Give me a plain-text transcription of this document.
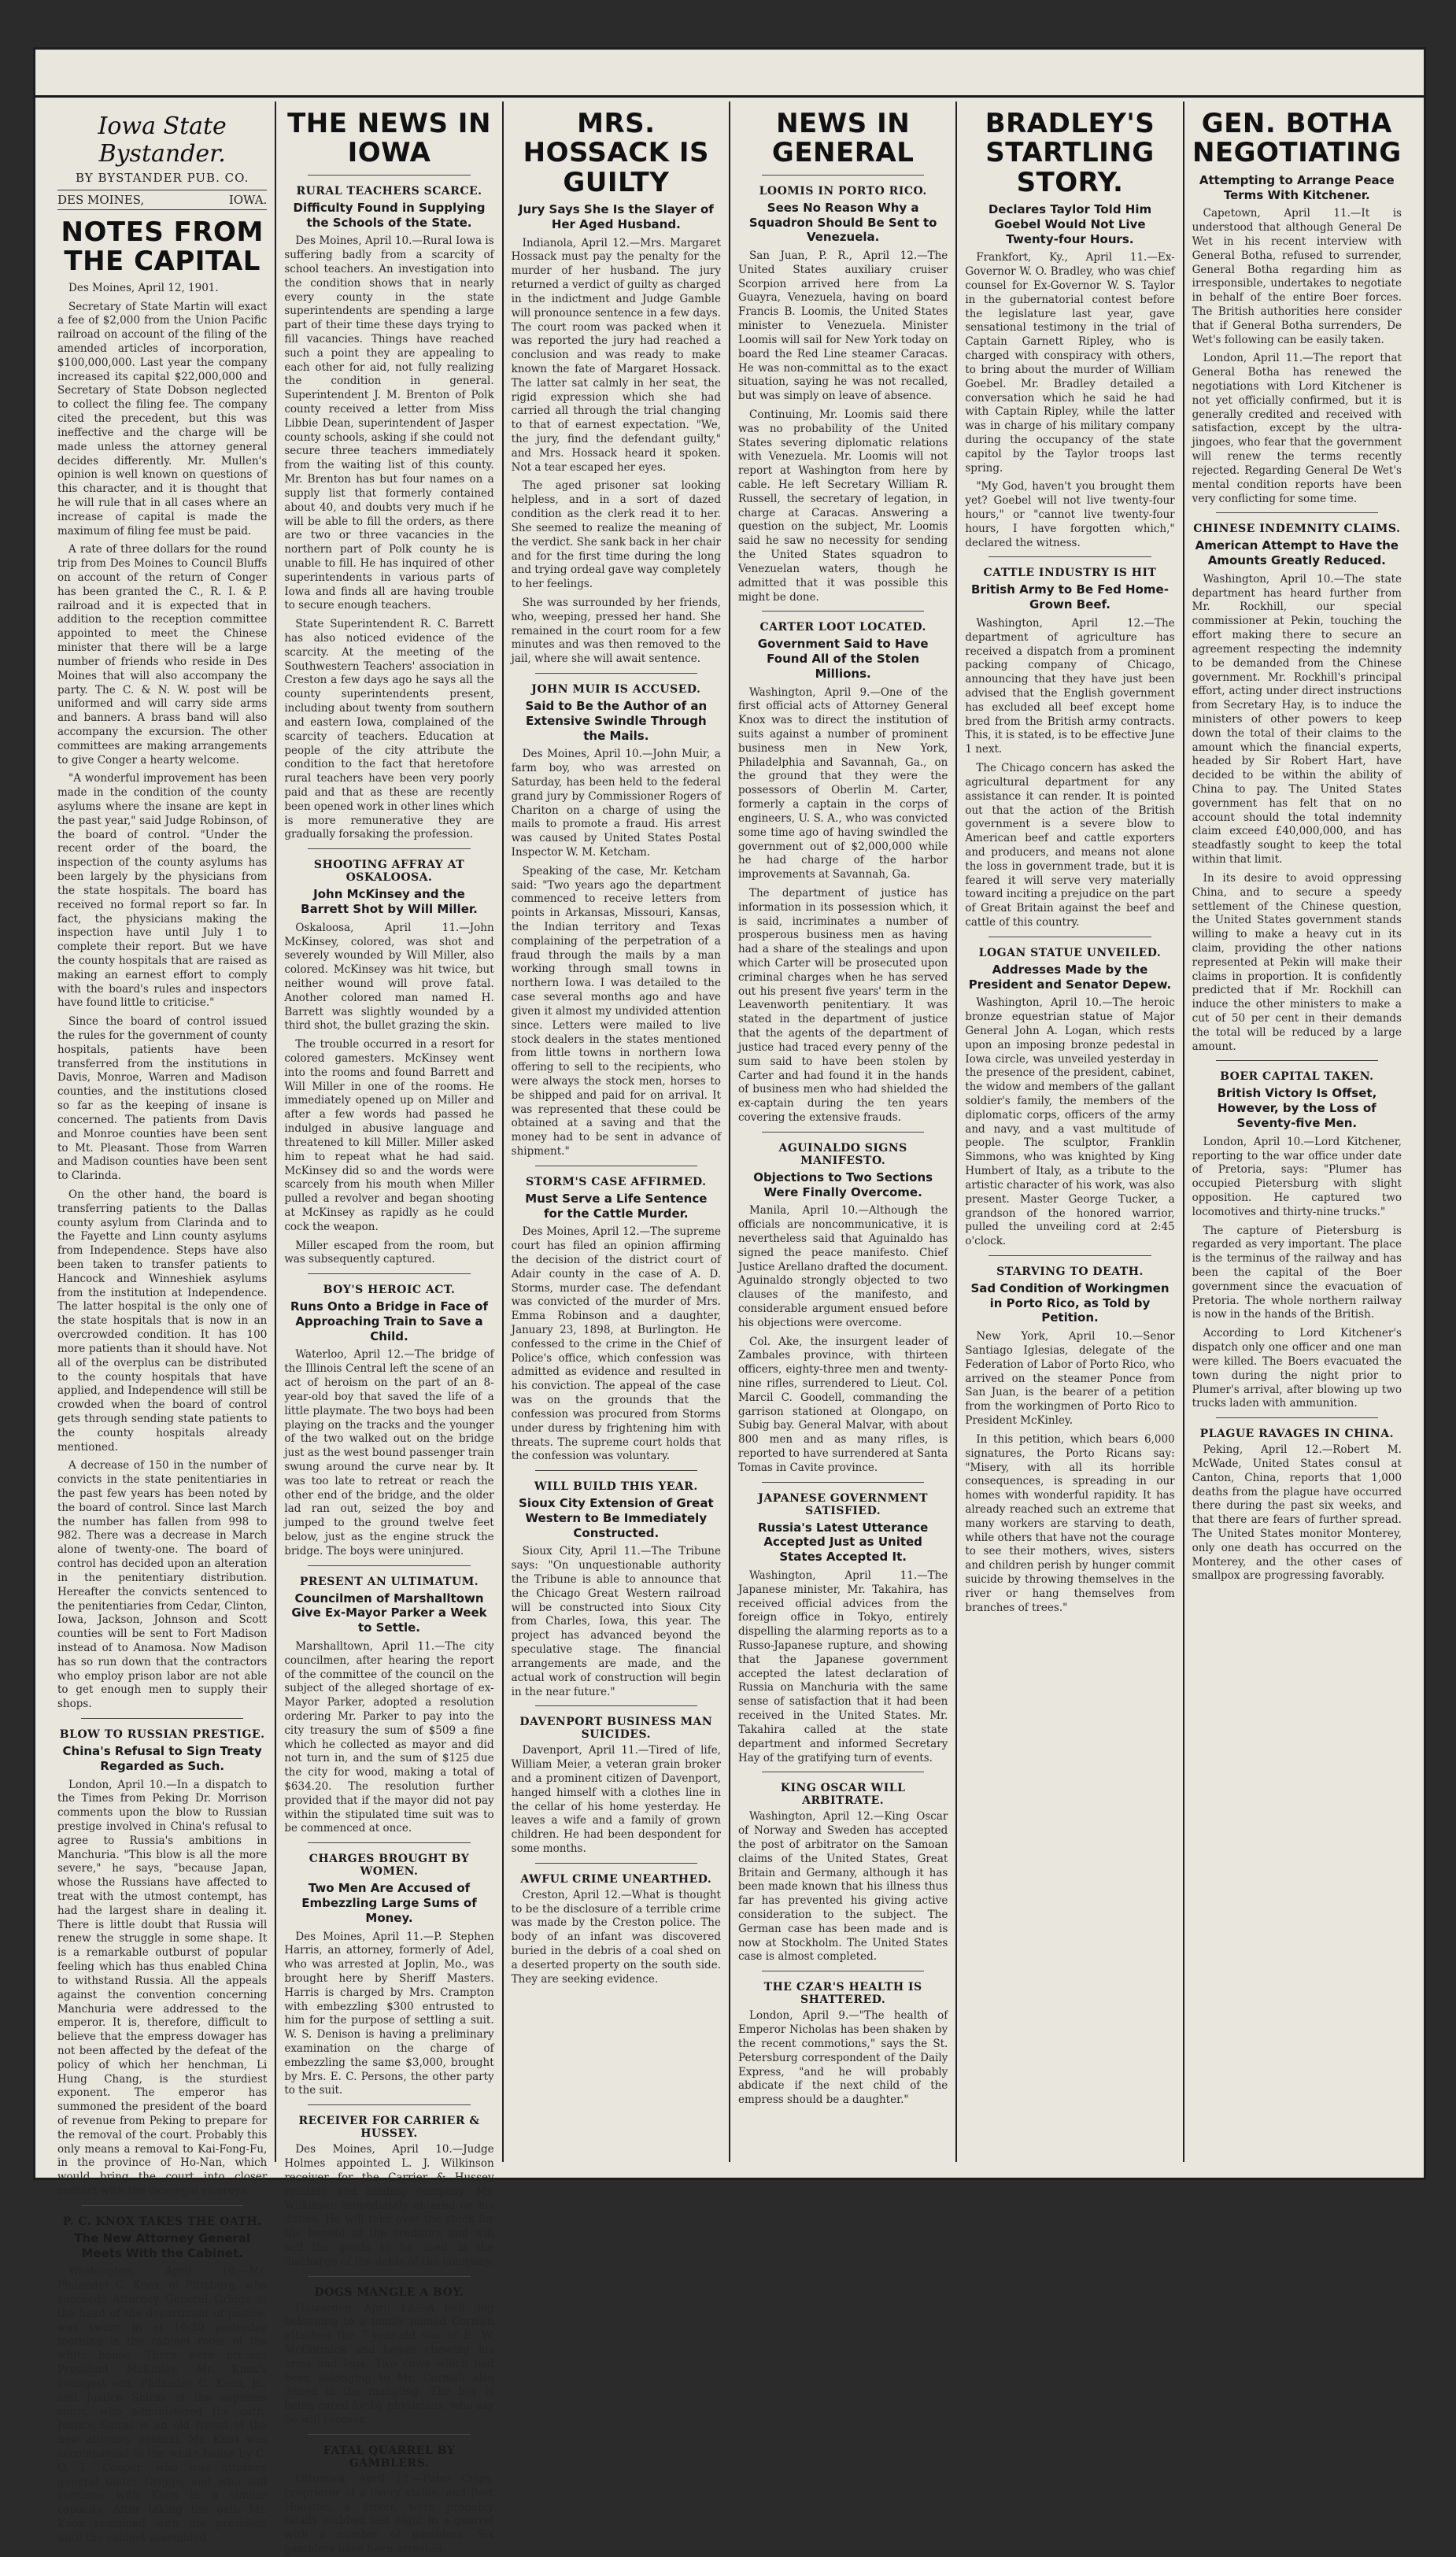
Iowa State Bystander.
BY BYSTANDER PUB. CO.
DES MOINES,	IOWA.
NOTES FROM THE CAPITAL

Des Moines, April 12, 1901.

Secretary of State Martin will exact a fee of $2,000 from the Union Pacific railroad on account of the filing of the amended articles of incorporation, $100,000,000. Last year the company increased its capital $22,000,000 and Secretary of State Dobson neglected to collect the filing fee. The company cited the precedent, but this was ineffective and the charge will be made unless the attorney general decides differently. Mr. Mullen's opinion is well known on questions of this character, and it is thought that he will rule that in all cases where an increase of capital is made the maximum of filing fee must be paid.

A rate of three dollars for the round trip from Des Moines to Council Bluffs on account of the return of Conger has been granted the C., R. I. & P. railroad and it is expected that in addition to the reception committee appointed to meet the Chinese minister that there will be a large number of friends who reside in Des Moines that will also accompany the party. The C. & N. W. post will be uniformed and will carry side arms and banners. A brass band will also accompany the excursion. The other committees are making arrangements to give Conger a hearty welcome.

"A wonderful improvement has been made in the condition of the county asylums where the insane are kept in the past year," said Judge Robinson, of the board of control. "Under the recent order of the board, the inspection of the county asylums has been largely by the physicians from the state hospitals. The board has received no formal report so far. In fact, the physicians making the inspection have until July 1 to complete their report. But we have the county hospitals that are raised as making an earnest effort to comply with the board's rules and inspectors have found little to criticise."

Since the board of control issued the rules for the government of county hospitals, patients have been transferred from the institutions in Davis, Monroe, Warren and Madison counties, and the institutions closed so far as the keeping of insane is concerned. The patients from Davis and Monroe counties have been sent to Mt. Pleasant. Those from Warren and Madison counties have been sent to Clarinda.

On the other hand, the board is transferring patients to the Dallas county asylum from Clarinda and to the Fayette and Linn county asylums from Independence. Steps have also been taken to transfer patients to Hancock and Winneshiek asylums from the institution at Independence. The latter hospital is the only one of the state hospitals that is now in an overcrowded condition. It has 100 more patients than it should have. Not all of the overplus can be distributed to the county hospitals that have applied, and Independence will still be crowded when the board of control gets through sending state patients to the county hospitals already mentioned.

A decrease of 150 in the number of convicts in the state penitentiaries in the past few years has been noted by the board of control. Since last March the number has fallen from 998 to 982. There was a decrease in March alone of twenty-one. The board of control has decided upon an alteration in the penitentiary distribution. Hereafter the convicts sentenced to the penitentiaries from Cedar, Clinton, Iowa, Jackson, Johnson and Scott counties will be sent to Fort Madison instead of to Anamosa. Now Madison has so run down that the contractors who employ prison labor are not able to get enough men to supply their shops.

BLOW TO RUSSIAN PRESTIGE.
China's Refusal to Sign Treaty Regarded as Such.

London, April 10.—In a dispatch to the Times from Peking Dr. Morrison comments upon the blow to Russian prestige involved in China's refusal to agree to Russia's ambitions in Manchuria. "This blow is all the more severe," he says, "because Japan, whose the Russians have affected to treat with the utmost contempt, has had the largest share in dealing it. There is little doubt that Russia will renew the struggle in some shape. It is a remarkable outburst of popular feeling which has thus enabled China to withstand Russia. All the appeals against the convention concerning Manchuria were addressed to the emperor. It is, therefore, difficult to believe that the empress dowager has not been affected by the defeat of the policy of which her henchman, Li Hung Chang, is the sturdiest exponent. The emperor has summoned the president of the board of revenue from Peking to prepare for the removal of the court. Probably this only means a removal to Kai-Fong-Fu, in the province of Ho-Nan, which would bring the court into closer contact with the viceregal viceroys.

P. C. KNOX TAKES THE OATH.
The New Attorney General Meets With the Cabinet.

Washington, April 10.—Mr. Philander C. Knox, of Pittsburg, who succeeds Attorney General Griggs at the head of the department of justice, was sworn in at 10:30 yesterday morning in the cabinet room of the white house. There were present President McKinley, Mr. Knox's youngest son, Philander C. Knox, Jr., and Justice Shiras of the supreme court, who administered the oath. Justice Shiras is an old friend of the new attorney general. Mr. Knox was accompanied to the white house by C. O. L. Cooper, who was attorney general under Griggs, and who will continue with Knox in a similar capacity. After taking the oath Mr. Knox remained with the president until the cabinet assembled.

THE NEWS IN IOWA
RURAL TEACHERS SCARCE.
Difficulty Found in Supplying the Schools of the State.

Des Moines, April 10.—Rural Iowa is suffering badly from a scarcity of school teachers. An investigation into the condition shows that in nearly every county in the state superintendents are spending a large part of their time these days trying to fill vacancies. Things have reached such a point they are appealing to each other for aid, not fully realizing the condition in general. Superintendent J. M. Brenton of Polk county received a letter from Miss Libbie Dean, superintendent of Jasper county schools, asking if she could not secure three teachers immediately from the waiting list of this county. Mr. Brenton has but four names on a supply list that formerly contained about 40, and doubts very much if he will be able to fill the orders, as there are two or three vacancies in the northern part of Polk county he is unable to fill. He has inquired of other superintendents in various parts of Iowa and finds all are having trouble to secure enough teachers.

State Superintendent R. C. Barrett has also noticed evidence of the scarcity. At the meeting of the Southwestern Teachers' association in Creston a few days ago he says all the county superintendents present, including about twenty from southern and eastern Iowa, complained of the scarcity of teachers. Education at people of the city attribute the condition to the fact that heretofore rural teachers have been very poorly paid and that as these are recently been opened work in other lines which is more remunerative they are gradually forsaking the profession.

SHOOTING AFFRAY AT OSKALOOSA.
John McKinsey and the Barrett Shot by Will Miller.

Oskaloosa, April 11.—John McKinsey, colored, was shot and severely wounded by Will Miller, also colored. McKinsey was hit twice, but neither wound will prove fatal. Another colored man named H. Barrett was slightly wounded by a third shot, the bullet grazing the skin.

The trouble occurred in a resort for colored gamesters. McKinsey went into the rooms and found Barrett and Will Miller in one of the rooms. He immediately opened up on Miller and after a few words had passed he indulged in abusive language and threatened to kill Miller. Miller asked him to repeat what he had said. McKinsey did so and the words were scarcely from his mouth when Miller pulled a revolver and began shooting at McKinsey as rapidly as he could cock the weapon.

Miller escaped from the room, but was subsequently captured.

BOY'S HEROIC ACT.
Runs Onto a Bridge in Face of Approaching Train to Save a Child.

Waterloo, April 12.—The bridge of the Illinois Central left the scene of an act of heroism on the part of an 8-year-old boy that saved the life of a little playmate. The two boys had been playing on the tracks and the younger of the two walked out on the bridge just as the west bound passenger train swung around the curve near by. It was too late to retreat or reach the other end of the bridge, and the older lad ran out, seized the boy and jumped to the ground twelve feet below, just as the engine struck the bridge. The boys were uninjured.

PRESENT AN ULTIMATUM.
Councilmen of Marshalltown Give Ex-Mayor Parker a Week to Settle.

Marshalltown, April 11.—The city councilmen, after hearing the report of the committee of the council on the subject of the alleged shortage of ex-Mayor Parker, adopted a resolution ordering Mr. Parker to pay into the city treasury the sum of $509 a fine which he collected as mayor and did not turn in, and the sum of $125 due the city for wood, making a total of $634.20. The resolution further provided that if the mayor did not pay within the stipulated time suit was to be commenced at once.

CHARGES BROUGHT BY WOMEN.
Two Men Are Accused of Embezzling Large Sums of Money.

Des Moines, April 11.—P. Stephen Harris, an attorney, formerly of Adel, who was arrested at Joplin, Mo., was brought here by Sheriff Masters. Harris is charged by Mrs. Crampton with embezzling $300 entrusted to him for the purpose of settling a suit. W. S. Denison is having a preliminary examination on the charge of embezzling the same $3,000, brought by Mrs. E. C. Persons, the other party to the suit.

RECEIVER FOR CARRIER & HUSSEY.

Des Moines, April 10.—Judge Holmes appointed L. J. Wilkinson receiver for the Carrier & Hussey printing and binding company. Mr. Wilkinson immediately entered on his duties. He will take over the stock for the benefit of the creditors and will sell the goods to be used in the discharge of the debts of the company.

DOGS MANGLE A BOY.

Hawarden, April 12.—A bull dog belonging to a family named Cornish attacked the 7-year-old son of E. W. McCormick and began chewing his arms and legs. Two cows which had been belonging to Mr. Cornish also joined in the mangling. The boy is being cared for by physicians, who say he will recover.

FATAL QUARREL BY GAMBLERS.

Ottumwa, April 12.—Peter Crips, proprietor of a livery stable, and Bert Houston, a driver, were probably fatally stabbed last night in a quarrel with a number of gamblers. Six gamblers have been arrested.

MRS. HOSSACK IS GUILTY
Jury Says She Is the Slayer of Her Aged Husband.

Indianola, April 12.—Mrs. Margaret Hossack must pay the penalty for the murder of her husband. The jury returned a verdict of guilty as charged in the indictment and Judge Gamble will pronounce sentence in a few days. The court room was packed when it was reported the jury had reached a conclusion and was ready to make known the fate of Margaret Hossack. The latter sat calmly in her seat, the rigid expression which she had carried all through the trial changing to that of earnest expectation. "We, the jury, find the defendant guilty," and Mrs. Hossack heard it spoken. Not a tear escaped her eyes.

The aged prisoner sat looking helpless, and in a sort of dazed condition as the clerk read it to her. She seemed to realize the meaning of the verdict. She sank back in her chair and for the first time during the long and trying ordeal gave way completely to her feelings.

She was surrounded by her friends, who, weeping, pressed her hand. She remained in the court room for a few minutes and was then removed to the jail, where she will await sentence.

JOHN MUIR IS ACCUSED.
Said to Be the Author of an Extensive Swindle Through the Mails.

Des Moines, April 10.—John Muir, a farm boy, who was arrested on Saturday, has been held to the federal grand jury by Commissioner Rogers of Chariton on a charge of using the mails to promote a fraud. His arrest was caused by United States Postal Inspector W. M. Ketcham.

Speaking of the case, Mr. Ketcham said: "Two years ago the department commenced to receive letters from points in Arkansas, Missouri, Kansas, the Indian territory and Texas complaining of the perpetration of a fraud through the mails by a man working through small towns in northern Iowa. I was detailed to the case several months ago and have given it almost my undivided attention since. Letters were mailed to live stock dealers in the states mentioned from little towns in northern Iowa offering to sell to the recipients, who were always the stock men, horses to be shipped and paid for on arrival. It was represented that these could be obtained at a saving and that the money had to be sent in advance of shipment."

STORM'S CASE AFFIRMED.
Must Serve a Life Sentence for the Cattle Murder.

Des Moines, April 12.—The supreme court has filed an opinion affirming the decision of the district court of Adair county in the case of A. D. Storms, murder case. The defendant was convicted of the murder of Mrs. Emma Robinson and a daughter, January 23, 1898, at Burlington. He confessed to the crime in the Chief of Police's office, which confession was admitted as evidence and resulted in his conviction. The appeal of the case was on the grounds that the confession was procured from Storms under duress by frightening him with threats. The supreme court holds that the confession was voluntary.

WILL BUILD THIS YEAR.
Sioux City Extension of Great Western to Be Immediately Constructed.

Sioux City, April 11.—The Tribune says: "On unquestionable authority the Tribune is able to announce that the Chicago Great Western railroad will be constructed into Sioux City from Charles, Iowa, this year. The project has advanced beyond the speculative stage. The financial arrangements are made, and the actual work of construction will begin in the near future."

DAVENPORT BUSINESS MAN SUICIDES.

Davenport, April 11.—Tired of life, William Meier, a veteran grain broker and a prominent citizen of Davenport, hanged himself with a clothes line in the cellar of his home yesterday. He leaves a wife and a family of grown children. He had been despondent for some months.

AWFUL CRIME UNEARTHED.

Creston, April 12.—What is thought to be the disclosure of a terrible crime was made by the Creston police. The body of an infant was discovered buried in the debris of a coal shed on a deserted property on the south side. They are seeking evidence.

NEWS IN GENERAL
LOOMIS IN PORTO RICO.
Sees No Reason Why a Squadron Should Be Sent to Venezuela.

San Juan, P. R., April 12.—The United States auxiliary cruiser Scorpion arrived here from La Guayra, Venezuela, having on board Francis B. Loomis, the United States minister to Venezuela. Minister Loomis will sail for New York today on board the Red Line steamer Caracas. He was non-committal as to the exact situation, saying he was not recalled, but was simply on leave of absence.

Continuing, Mr. Loomis said there was no probability of the United States severing diplomatic relations with Venezuela. Mr. Loomis will not report at Washington from here by cable. He left Secretary William R. Russell, the secretary of legation, in charge at Caracas. Answering a question on the subject, Mr. Loomis said he saw no necessity for sending the United States squadron to Venezuelan waters, though he admitted that it was possible this might be done.

CARTER LOOT LOCATED.
Government Said to Have Found All of the Stolen Millions.

Washington, April 9.—One of the first official acts of Attorney General Knox was to direct the institution of suits against a number of prominent business men in New York, Philadelphia and Savannah, Ga., on the ground that they were the possessors of Oberlin M. Carter, formerly a captain in the corps of engineers, U. S. A., who was convicted some time ago of having swindled the government out of $2,000,000 while he had charge of the harbor improvements at Savannah, Ga.

The department of justice has information in its possession which, it is said, incriminates a number of prosperous business men as having had a share of the stealings and upon which Carter will be prosecuted upon criminal charges when he has served out his present five years' term in the Leavenworth penitentiary. It was stated in the department of justice that the agents of the department of justice had traced every penny of the sum said to have been stolen by Carter and had found it in the hands of business men who had shielded the ex-captain during the ten years covering the extensive frauds.

AGUINALDO SIGNS MANIFESTO.
Objections to Two Sections Were Finally Overcome.

Manila, April 10.—Although the officials are noncommunicative, it is nevertheless said that Aguinaldo has signed the peace manifesto. Chief Justice Arellano drafted the document. Aguinaldo strongly objected to two clauses of the manifesto, and considerable argument ensued before his objections were overcome.

Col. Ake, the insurgent leader of Zambales province, with thirteen officers, eighty-three men and twenty-nine rifles, surrendered to Lieut. Col. Marcil C. Goodell, commanding the garrison stationed at Olongapo, on Subig bay. General Malvar, with about 800 men and as many rifles, is reported to have surrendered at Santa Tomas in Cavite province.

JAPANESE GOVERNMENT SATISFIED.
Russia's Latest Utterance Accepted Just as United States Accepted It.

Washington, April 11.—The Japanese minister, Mr. Takahira, has received official advices from the foreign office in Tokyo, entirely dispelling the alarming reports as to a Russo-Japanese rupture, and showing that the Japanese government accepted the latest declaration of Russia on Manchuria with the same sense of satisfaction that it had been received in the United States. Mr. Takahira called at the state department and informed Secretary Hay of the gratifying turn of events.

KING OSCAR WILL ARBITRATE.

Washington, April 12.—King Oscar of Norway and Sweden has accepted the post of arbitrator on the Samoan claims of the United States, Great Britain and Germany, although it has been made known that his illness thus far has prevented his giving active consideration to the subject. The German case has been made and is now at Stockholm. The United States case is almost completed.

THE CZAR'S HEALTH IS SHATTERED.

London, April 9.—"The health of Emperor Nicholas has been shaken by the recent commotions," says the St. Petersburg correspondent of the Daily Express, "and he will probably abdicate if the next child of the empress should be a daughter."

BRADLEY'S STARTLING STORY.
Declares Taylor Told Him Goebel Would Not Live Twenty-four Hours.

Frankfort, Ky., April 11.—Ex-Governor W. O. Bradley, who was chief counsel for Ex-Governor W. S. Taylor in the gubernatorial contest before the legislature last year, gave sensational testimony in the trial of Captain Garnett Ripley, who is charged with conspiracy with others, to bring about the murder of William Goebel. Mr. Bradley detailed a conversation which he said he had with Captain Ripley, while the latter was in charge of his military company during the occupancy of the state capitol by the Taylor troops last spring.

"My God, haven't you brought them yet? Goebel will not live twenty-four hours," or "cannot live twenty-four hours, I have forgotten which," declared the witness.

CATTLE INDUSTRY IS HIT
British Army to Be Fed Home-Grown Beef.

Washington, April 12.—The department of agriculture has received a dispatch from a prominent packing company of Chicago, announcing that they have just been advised that the English government has excluded all beef except home bred from the British army contracts. This, it is stated, is to be effective June 1 next.

The Chicago concern has asked the agricultural department for any assistance it can render. It is pointed out that the action of the British government is a severe blow to American beef and cattle exporters and producers, and means not alone the loss in government trade, but it is feared it will serve very materially toward inciting a prejudice on the part of Great Britain against the beef and cattle of this country.

LOGAN STATUE UNVEILED.
Addresses Made by the President and Senator Depew.

Washington, April 10.—The heroic bronze equestrian statue of Major General John A. Logan, which rests upon an imposing bronze pedestal in Iowa circle, was unveiled yesterday in the presence of the president, cabinet, the widow and members of the gallant soldier's family, the members of the diplomatic corps, officers of the army and navy, and a vast multitude of people. The sculptor, Franklin Simmons, who was knighted by King Humbert of Italy, as a tribute to the artistic character of his work, was also present. Master George Tucker, a grandson of the honored warrior, pulled the unveiling cord at 2:45 o'clock.

STARVING TO DEATH.
Sad Condition of Workingmen in Porto Rico, as Told by Petition.

New York, April 10.—Senor Santiago Iglesias, delegate of the Federation of Labor of Porto Rico, who arrived on the steamer Ponce from San Juan, is the bearer of a petition from the workingmen of Porto Rico to President McKinley.

In this petition, which bears 6,000 signatures, the Porto Ricans say: "Misery, with all its horrible consequences, is spreading in our homes with wonderful rapidity. It has already reached such an extreme that many workers are starving to death, while others that have not the courage to see their mothers, wives, sisters and children perish by hunger commit suicide by throwing themselves in the river or hang themselves from branches of trees."

GEN. BOTHA NEGOTIATING
Attempting to Arrange Peace Terms With Kitchener.

Capetown, April 11.—It is understood that although General De Wet in his recent interview with General Botha, refused to surrender, General Botha regarding him as irresponsible, undertakes to negotiate in behalf of the entire Boer forces. The British authorities here consider that if General Botha surrenders, De Wet's following can be easily taken.

London, April 11.—The report that General Botha has renewed the negotiations with Lord Kitchener is not yet officially confirmed, but it is generally credited and received with satisfaction, except by the ultra-jingoes, who fear that the government will renew the terms recently rejected. Regarding General De Wet's mental condition reports have been very conflicting for some time.

CHINESE INDEMNITY CLAIMS.
American Attempt to Have the Amounts Greatly Reduced.

Washington, April 10.—The state department has heard further from Mr. Rockhill, our special commissioner at Pekin, touching the effort making there to secure an agreement respecting the indemnity to be demanded from the Chinese government. Mr. Rockhill's principal effort, acting under direct instructions from Secretary Hay, is to induce the ministers of other powers to keep down the total of their claims to the amount which the financial experts, headed by Sir Robert Hart, have decided to be within the ability of China to pay. The United States government has felt that on no account should the total indemnity claim exceed £40,000,000, and has steadfastly sought to keep the total within that limit.

In its desire to avoid oppressing China, and to secure a speedy settlement of the Chinese question, the United States government stands willing to make a heavy cut in its claim, providing the other nations represented at Pekin will make their claims in proportion. It is confidently predicted that if Mr. Rockhill can induce the other ministers to make a cut of 50 per cent in their demands the total will be reduced by a large amount.

BOER CAPITAL TAKEN.
British Victory Is Offset, However, by the Loss of Seventy-five Men.

London, April 10.—Lord Kitchener, reporting to the war office under date of Pretoria, says: "Plumer has occupied Pietersburg with slight opposition. He captured two locomotives and thirty-nine trucks."

The capture of Pietersburg is regarded as very important. The place is the terminus of the railway and has been the capital of the Boer government since the evacuation of Pretoria. The whole northern railway is now in the hands of the British.

According to Lord Kitchener's dispatch only one officer and one man were killed. The Boers evacuated the town during the night prior to Plumer's arrival, after blowing up two trucks laden with ammunition.

PLAGUE RAVAGES IN CHINA.

Peking, April 12.—Robert M. McWade, United States consul at Canton, China, reports that 1,000 deaths from the plague have occurred there during the past six weeks, and that there are fears of further spread. The United States monitor Monterey, only one death has occurred on the Monterey, and the other cases of smallpox are progressing favorably.
